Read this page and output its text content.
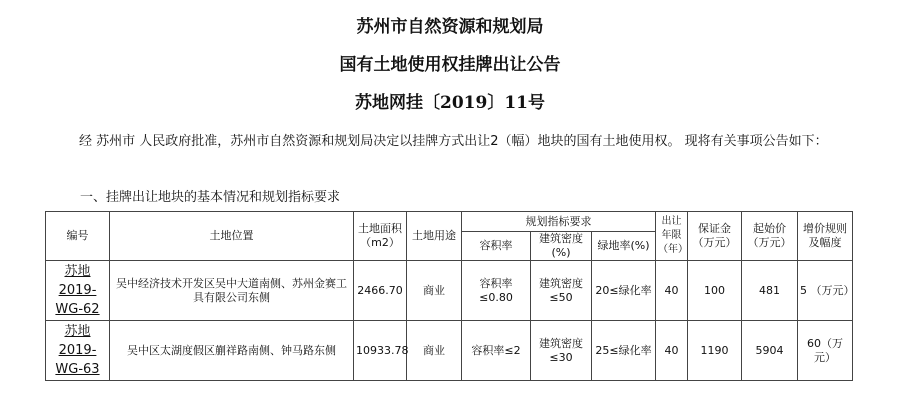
苏州市自然资源和规划局
国有土地使用权挂牌出让公告
苏地网挂〔2019〕11号
经 苏州市 人民政府批准，苏州市自然资源和规划局决定以挂牌方式出让2（幅）地块的国有土地使用权。 现将有关事项公告如下：
一、挂牌出让地块的基本情况和规划指标要求
编号	土地位置	土地面积（m2）	土地用途	规划指标要求			出让年限（年）	保证金（万元）	起始价（万元）	增价规则及幅度
				容积率	建筑密度(%)	绿地率(%)				
苏地2019-WG-62	吴中经济技术开发区吴中大道南侧、苏州金赛工具有限公司东侧	2466.70	商业	容积率≤0.80	建筑密度≤50	20≤绿化率	40	100	481	5 （万元）
苏地2019-WG-63	吴中区太湖度假区蒯祥路南侧、钟马路东侧	10933.78	商业	容积率≤2	建筑密度≤30	25≤绿化率	40	1190	5904	60（万元）
